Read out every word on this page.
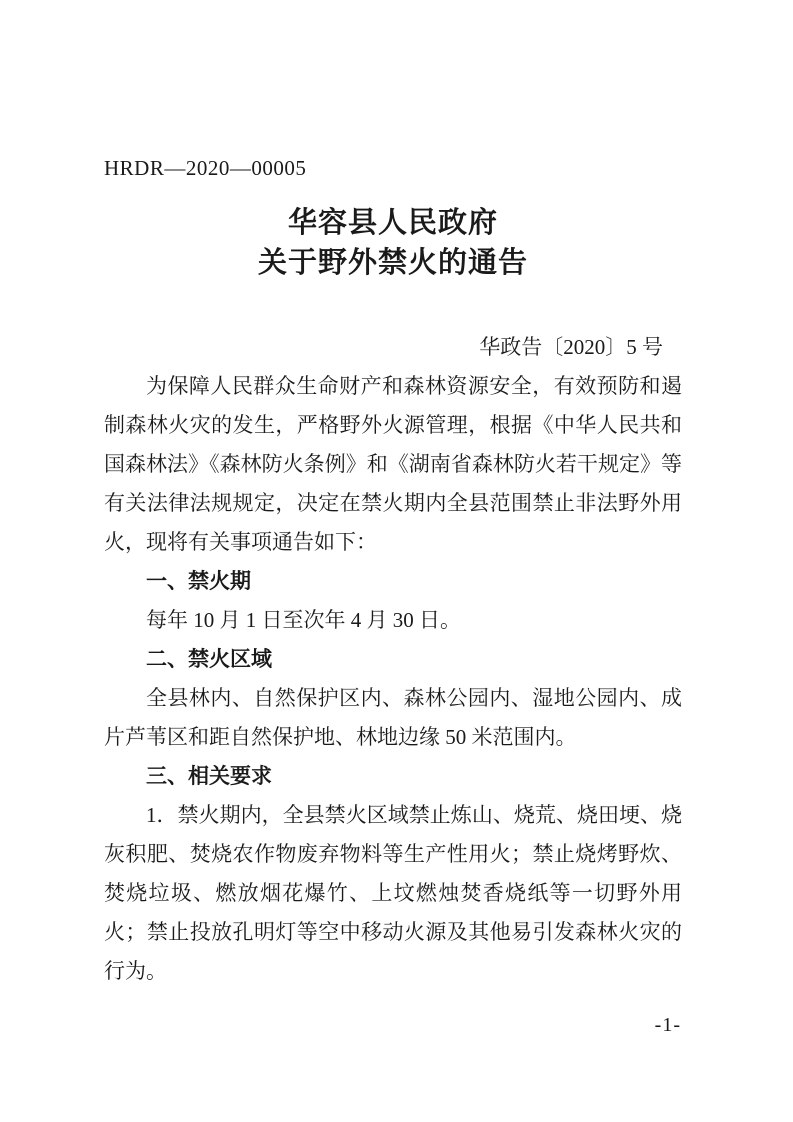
HRDR—2020—00005
华容县人民政府
关于野外禁火的通告
华政告〔2020〕5 号

为保障人民群众生命财产和森林资源安全，有效预防和遏制森林火灾的发生，严格野外火源管理，根据《中华人民共和国森林法》《森林防火条例》和《湖南省森林防火若干规定》等有关法律法规规定，决定在禁火期内全县范围禁止非法野外用火，现将有关事项通告如下：

一、禁火期

每年 10 月 1 日至次年 4 月 30 日。

二、禁火区域

全县林内、自然保护区内、森林公园内、湿地公园内、成片芦苇区和距自然保护地、林地边缘 50 米范围内。

三、相关要求

1．禁火期内，全县禁火区域禁止炼山、烧荒、烧田埂、烧灰积肥、焚烧农作物废弃物料等生产性用火；禁止烧烤野炊、焚烧垃圾、燃放烟花爆竹、上坟燃烛焚香烧纸等一切野外用火；禁止投放孔明灯等空中移动火源及其他易引发森林火灾的行为。

-1-
